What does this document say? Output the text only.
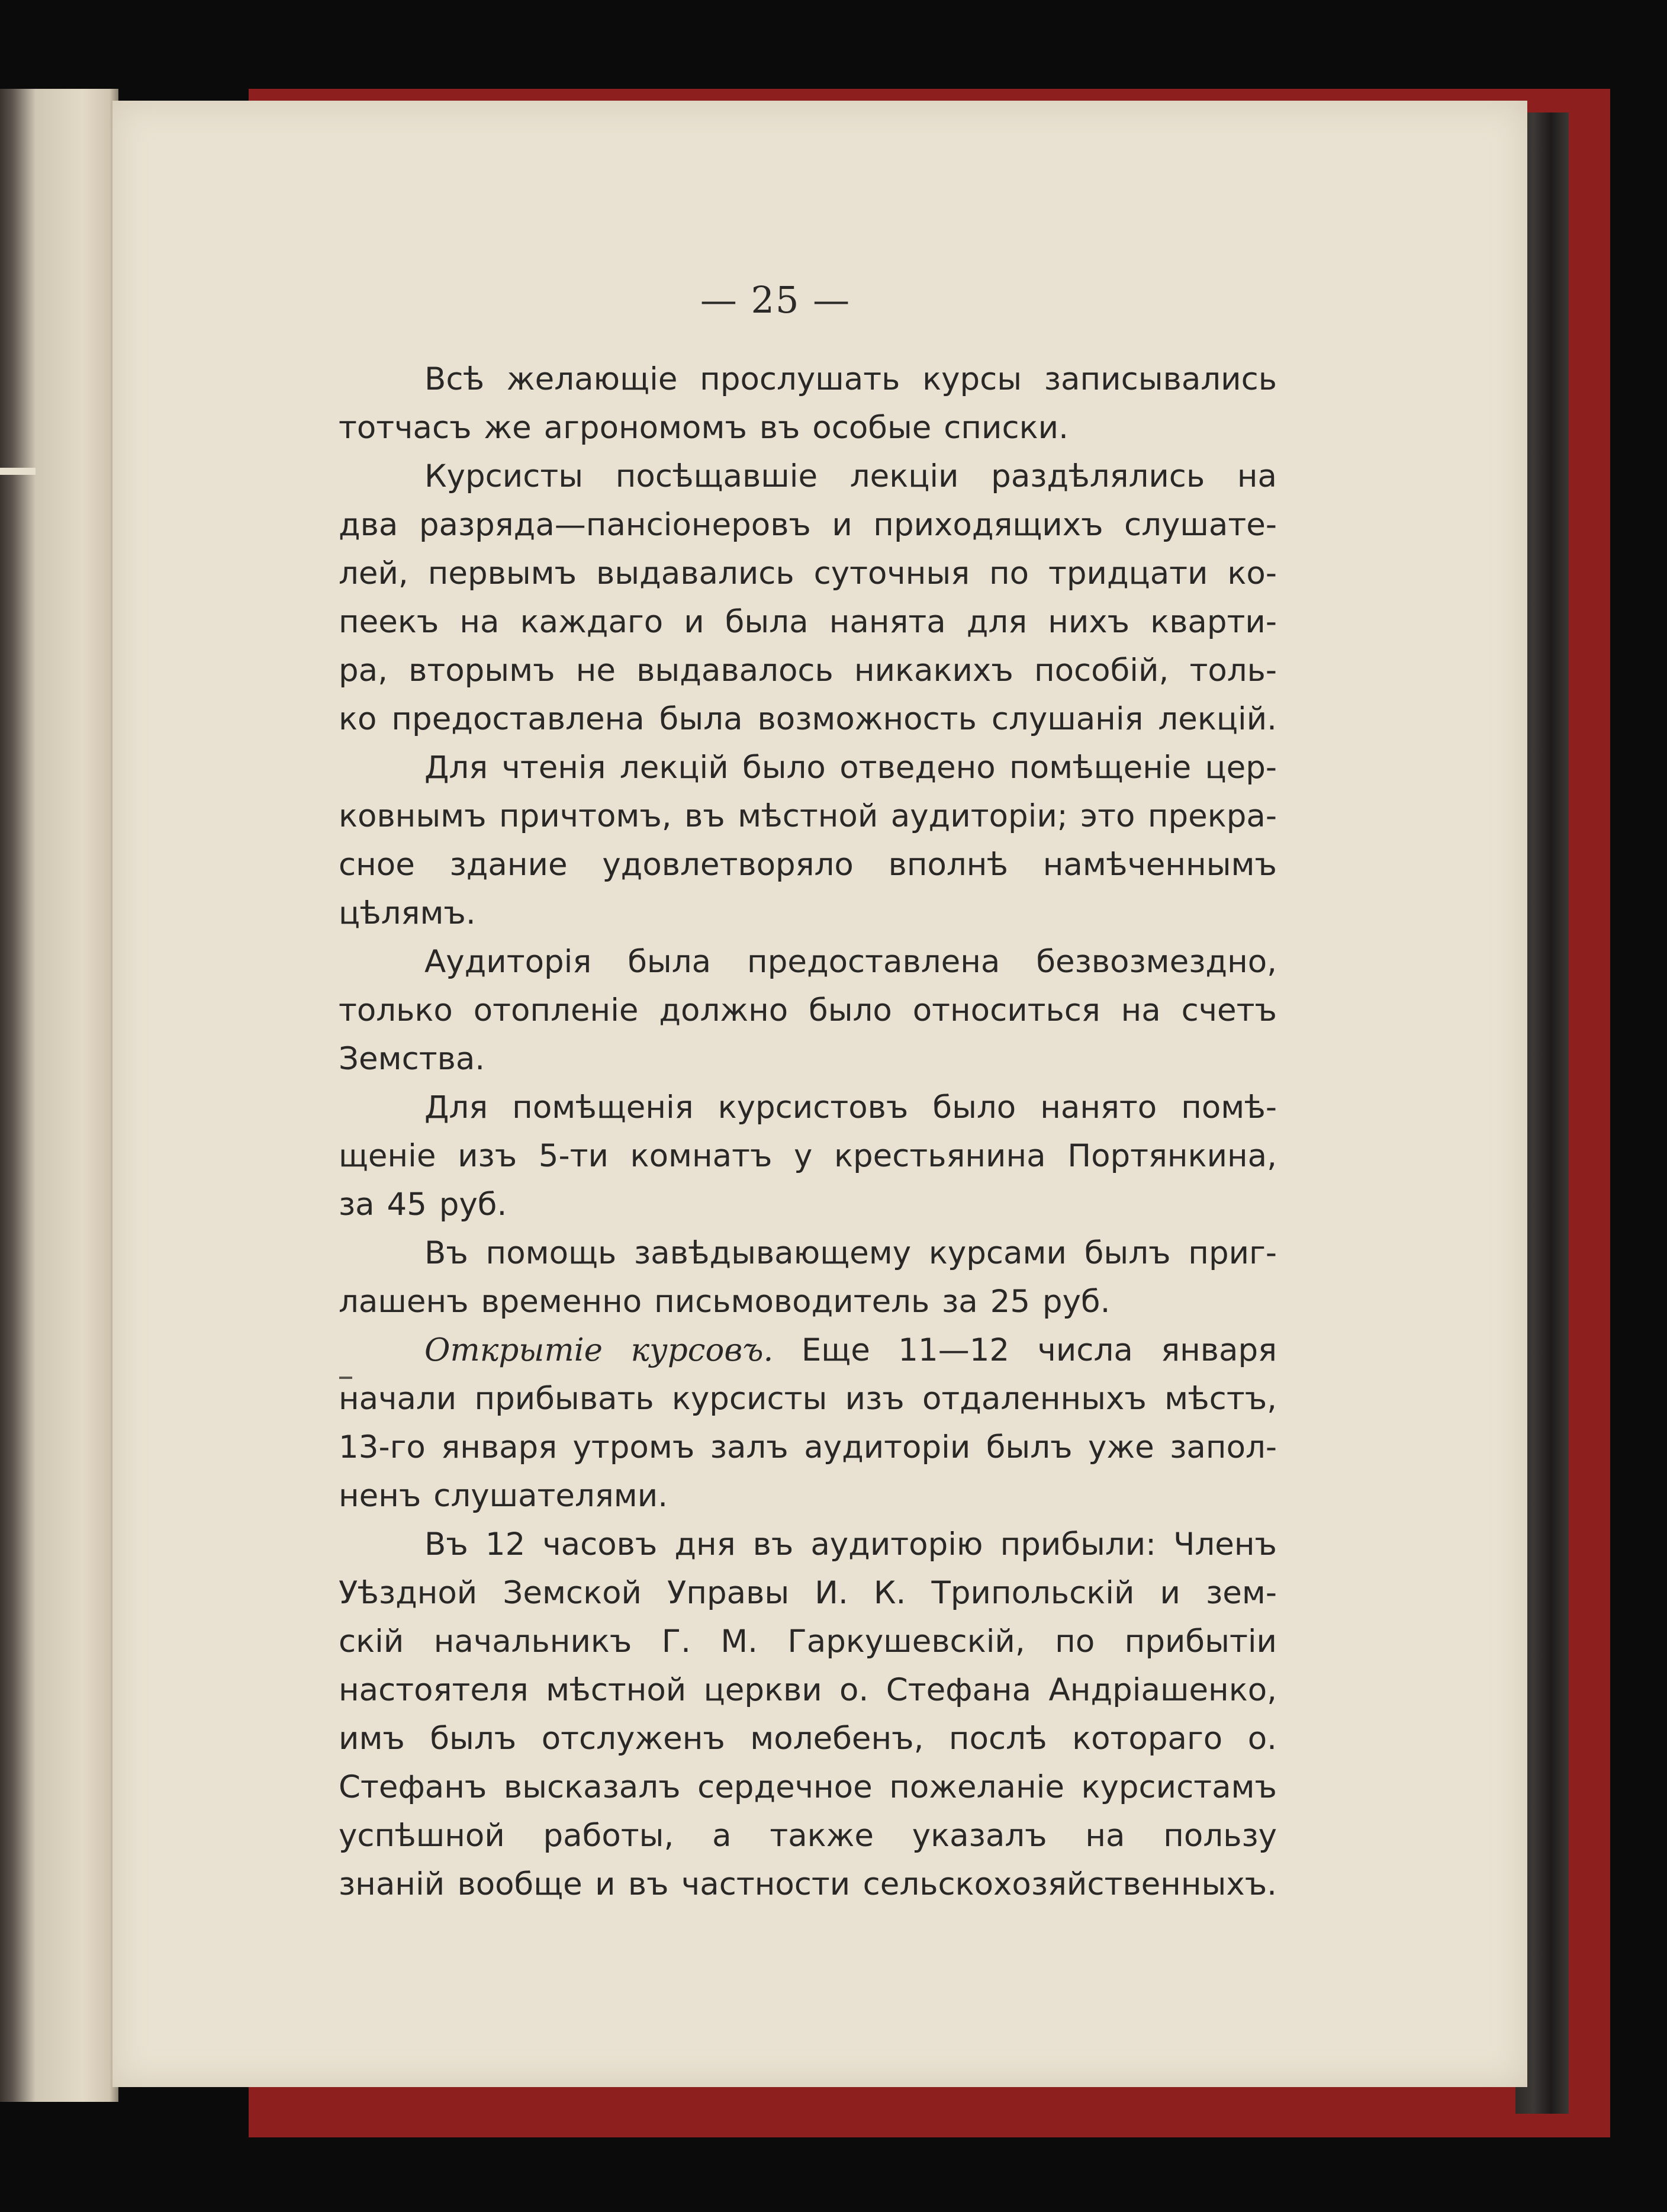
— 25 —

Всѣ желающіе прослушать курсы записывались
тотчасъ же агрономомъ въ особые списки.

Курсисты посѣщавшіе лекціи раздѣлялись на
два разряда—пансіонеровъ и приходящихъ слушате-
лей, первымъ выдавались суточныя по тридцати ко-
пеекъ на каждаго и была нанята для нихъ кварти-
ра, вторымъ не выдавалось никакихъ пособій, толь-
ко предоставлена была возможность слушанія лекцій.

Для чтенія лекцій было отведено помѣщеніе цер-
ковнымъ причтомъ, въ мѣстной аудиторіи; это прекра-
сное здание удовлетворяло вполнѣ намѣченнымъ
цѣлямъ.

Аудиторія была предоставлена безвозмездно,
только отопленіе должно было относиться на счетъ
Земства.

Для помѣщенія курсистовъ было нанято помѣ-
щеніе изъ 5-ти комнатъ у крестьянина Портянкина,
за 45 руб.

Въ помощь завѣдывающему курсами былъ приг-
лашенъ временно письмоводитель за 25 руб.

Открытіе курсовъ. Еще 11—12 числа января
начали прибывать курсисты изъ отдаленныхъ мѣстъ,
13-го января утромъ залъ аудиторіи былъ уже запол-
ненъ слушателями.

Въ 12 часовъ дня въ аудиторію прибыли: Членъ
Уѣздной Земской Управы И. К. Трипольскій и зем-
скій начальникъ Г. М. Гаркушевскій, по прибытіи
настоятеля мѣстной церкви о. Стефана Андріашенко,
имъ былъ отслуженъ молебенъ, послѣ котораго о.
Стефанъ высказалъ сердечное пожеланіе курсистамъ
успѣшной работы, а также указалъ на пользу
знаній вообще и въ частности сельскохозяйственныхъ.
